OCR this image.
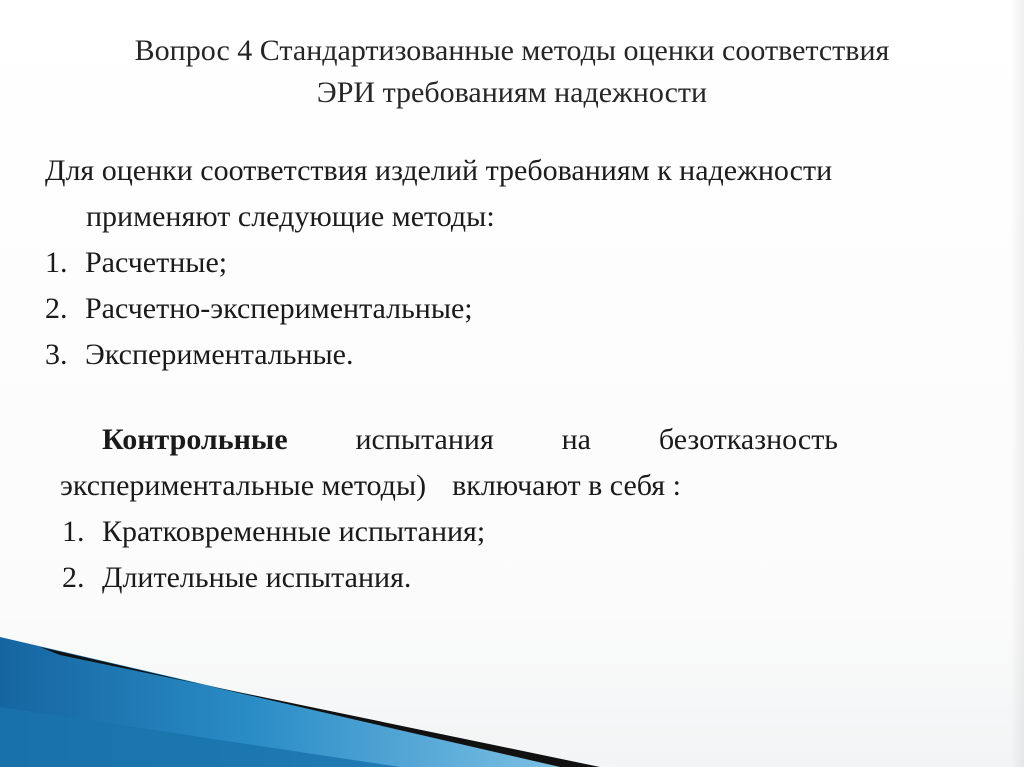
Вопрос 4 Стандартизованные методы оценки соответствия
ЭРИ требованиям надежности
Для оценки соответствия изделий требованиям к надежности
применяют следующие методы:
1. Расчетные;
2. Расчетно-экспериментальные;
3. Экспериментальные.
Контрольные испытания на безотказность
экспериментальные методы) включают в себя :
1. Кратковременные испытания;
2. Длительные испытания.
